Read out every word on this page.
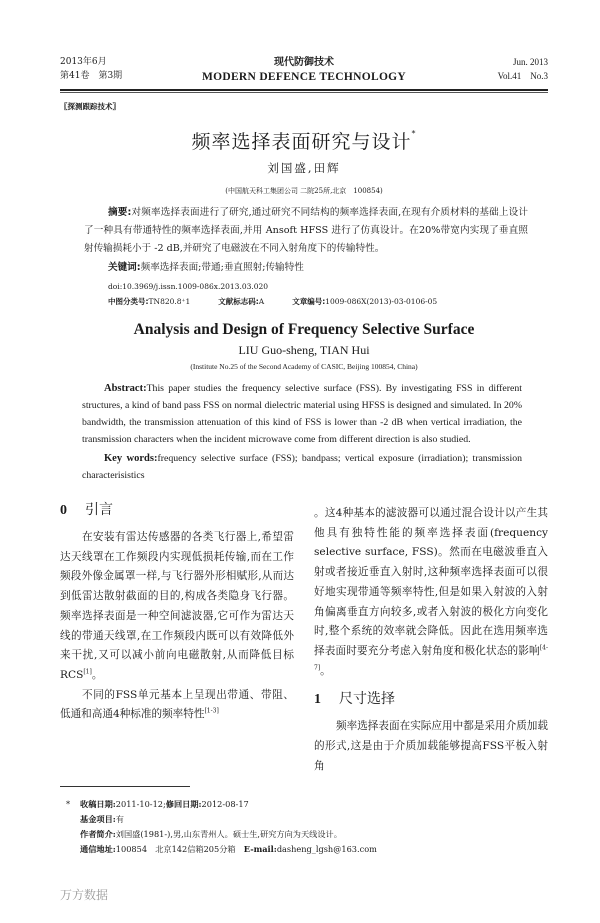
2013年6月
第41卷　第3期
现代防御技术
MODERN DEFENCE TECHNOLOGY
Jun. 2013
Vol.41　No.3
〖探测跟踪技术〗
频率选择表面研究与设计*
刘国盛,田辉
(中国航天科工集团公司 二院25所,北京　100854)
摘要:对频率选择表面进行了研究,通过研究不同结构的频率选择表面,在现有介质材料的基础上设计了一种具有带通特性的频率选择表面,并用 Ansoft HFSS 进行了仿真设计。在20%带宽内实现了垂直照射传输损耗小于 -2 dB,并研究了电磁波在不同入射角度下的传输特性。
关键词:频率选择表面;带通;垂直照射;传输特性
doi:10.3969/j.issn.1009-086x.2013.03.020
中图分类号:TN820.8⁺1	文献标志码:A	文章编号:1009-086X(2013)-03-0106-05
Analysis and Design of Frequency Selective Surface
LIU Guo-sheng, TIAN Hui
(Institute No.25 of the Second Academy of CASIC, Beijing 100854, China)

Abstract:This paper studies the frequency selective surface (FSS). By investigating FSS in different structures, a kind of band pass FSS on normal dielectric material using HFSS is designed and simulated. In 20% bandwidth, the transmission attenuation of this kind of FSS is lower than -2 dB when vertical irradiation, the transmission characters when the incident microwave come from different direction is also studied.

Key words:frequency selective surface (FSS); bandpass; vertical exposure (irradiation); transmission characterisistics

0 引言

在安装有雷达传感器的各类飞行器上,希望雷达天线罩在工作频段内实现低损耗传输,而在工作频段外像金属罩一样,与飞行器外形相赋形,从而达到低雷达散射截面的目的,构成各类隐身飞行器。频率选择表面是一种空间滤波器,它可作为雷达天线的带通天线罩,在工作频段内既可以有效降低外来干扰,又可以减小前向电磁散射,从而降低目标RCS[1]。

不同的FSS单元基本上呈现出带通、带阻、低通和高通4种标准的频率特性[1-3]

。这4种基本的滤波器可以通过混合设计以产生其他具有独特性能的频率选择表面(frequency selective surface, FSS)。然而在电磁波垂直入射或者接近垂直入射时,这种频率选择表面可以很好地实现带通等频率特性,但是如果入射波的入射角偏离垂直方向较多,或者入射波的极化方向变化时,整个系统的效率就会降低。因此在选用频率选择表面时要充分考虑入射角度和极化状态的影响[4-7]。

1 尺寸选择

频率选择表面在实际应用中都是采用介质加载的形式,这是由于介质加载能够提高FSS平板入射角

* 收稿日期:2011-10-12;修回日期:2012-08-17
基金项目:有
作者简介:刘国盛(1981-),男,山东青州人。硕士生,研究方向为天线设计。
通信地址:100854　北京142信箱205分箱　E-mail:dasheng_lgsh@163.com
万方数据
